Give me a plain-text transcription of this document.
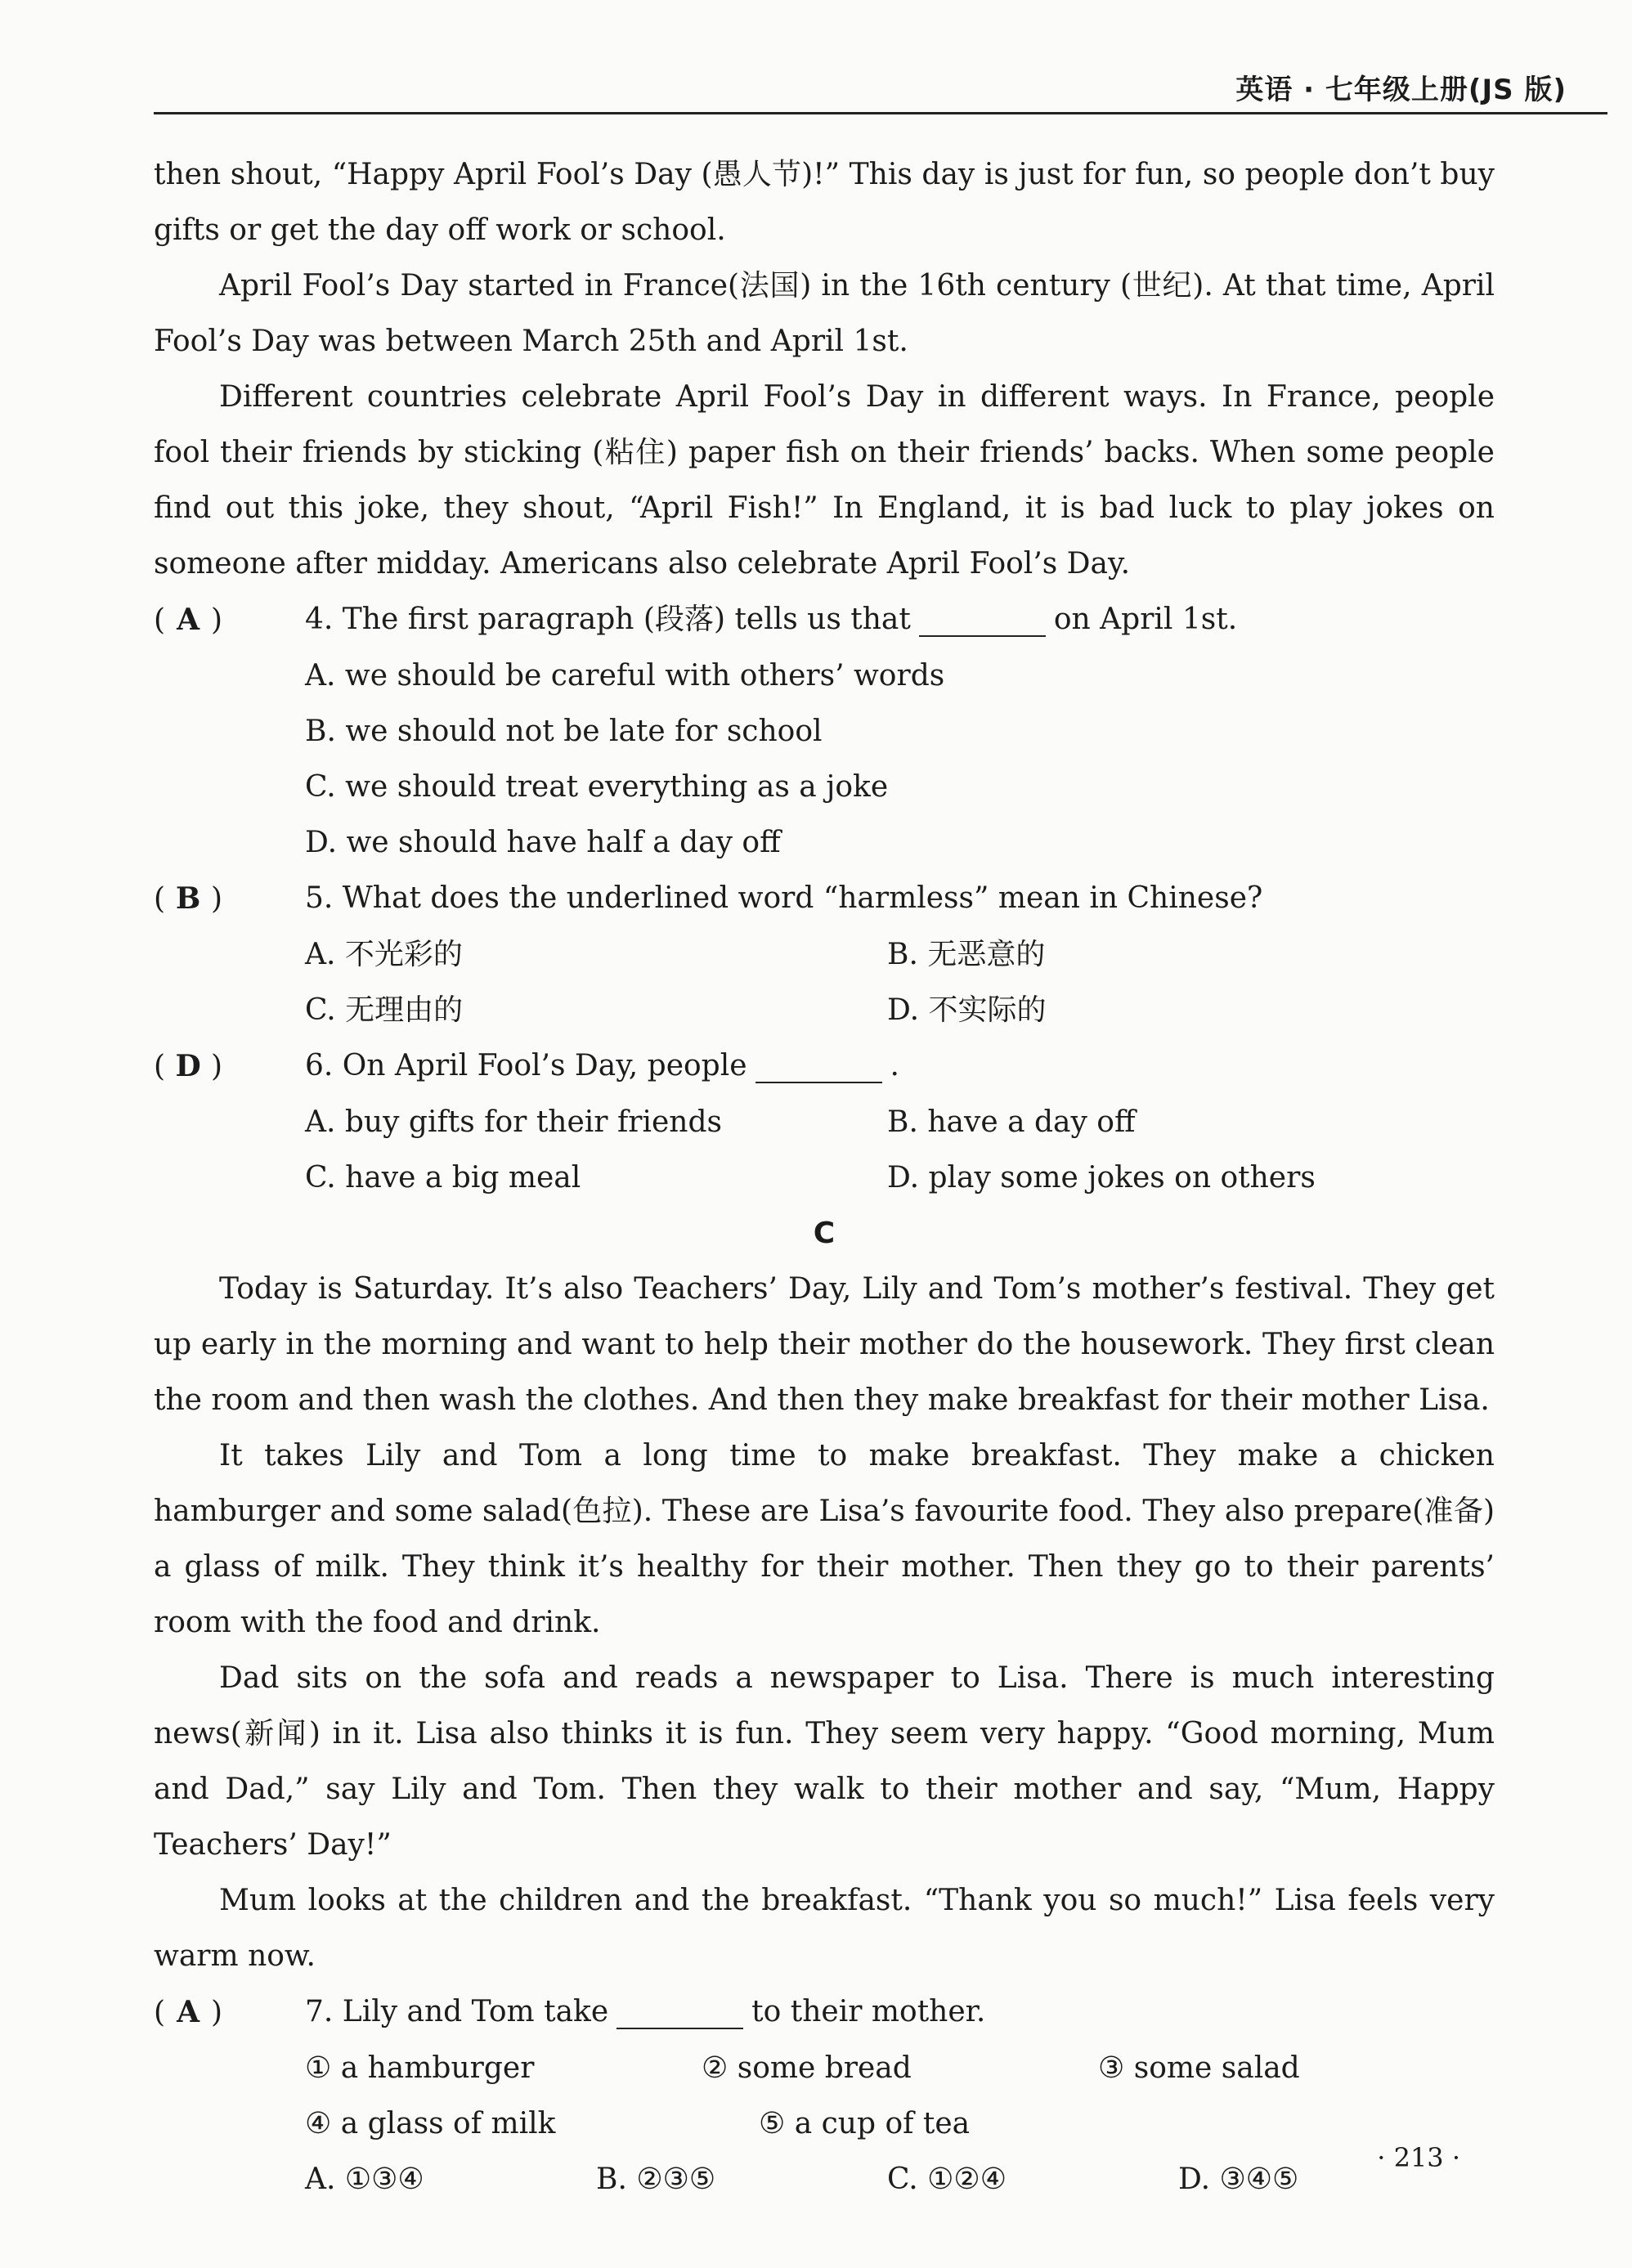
英语 · 七年级上册(JS 版)

then shout, “Happy April Fool’s Day (愚人节)!” This day is just for fun, so people don’t buy gifts or get the day off work or school.

April Fool’s Day started in France(法国) in the 16th century (世纪). At that time, April Fool’s Day was between March 25th and April 1st.

Different countries celebrate April Fool’s Day in different ways. In France, people fool their friends by sticking (粘住) paper fish on their friends’ backs. When some people find out this joke, they shout, “April Fish!” In England, it is bad luck to play jokes on someone after midday. Americans also celebrate April Fool’s Day.

( A )	4. The first paragraph (段落) tells us that	on April 1st.
A. we should be careful with others’ words
B. we should not be late for school
C. we should treat everything as a joke
D. we should have half a day off
( B )	5. What does the underlined word “harmless” mean in Chinese?
A. 不光彩的	B. 无恶意的
C. 无理由的	D. 不实际的
( D )	6. On April Fool’s Day, people	.
A. buy gifts for their friends	B. have a day off
C. have a big meal	D. play some jokes on others
C

Today is Saturday. It’s also Teachers’ Day, Lily and Tom’s mother’s festival. They get up early in the morning and want to help their mother do the housework. They first clean the room and then wash the clothes. And then they make breakfast for their mother Lisa.

It takes Lily and Tom a long time to make breakfast. They make a chicken hamburger and some salad(色拉). These are Lisa’s favourite food. They also prepare(准备) a glass of milk. They think it’s healthy for their mother. Then they go to their parents’ room with the food and drink.

Dad sits on the sofa and reads a newspaper to Lisa. There is much interesting news(新闻) in it. Lisa also thinks it is fun. They seem very happy. “Good morning, Mum and Dad,” say Lily and Tom. Then they walk to their mother and say, “Mum, Happy Teachers’ Day!”

Mum looks at the children and the breakfast. “Thank you so much!” Lisa feels very warm now.

( A )	7. Lily and Tom take	to their mother.
① a hamburger	② some bread	③ some salad
④ a glass of milk	⑤ a cup of tea
A. ①③④	B. ②③⑤	C. ①②④	D. ③④⑤
· 213 ·
